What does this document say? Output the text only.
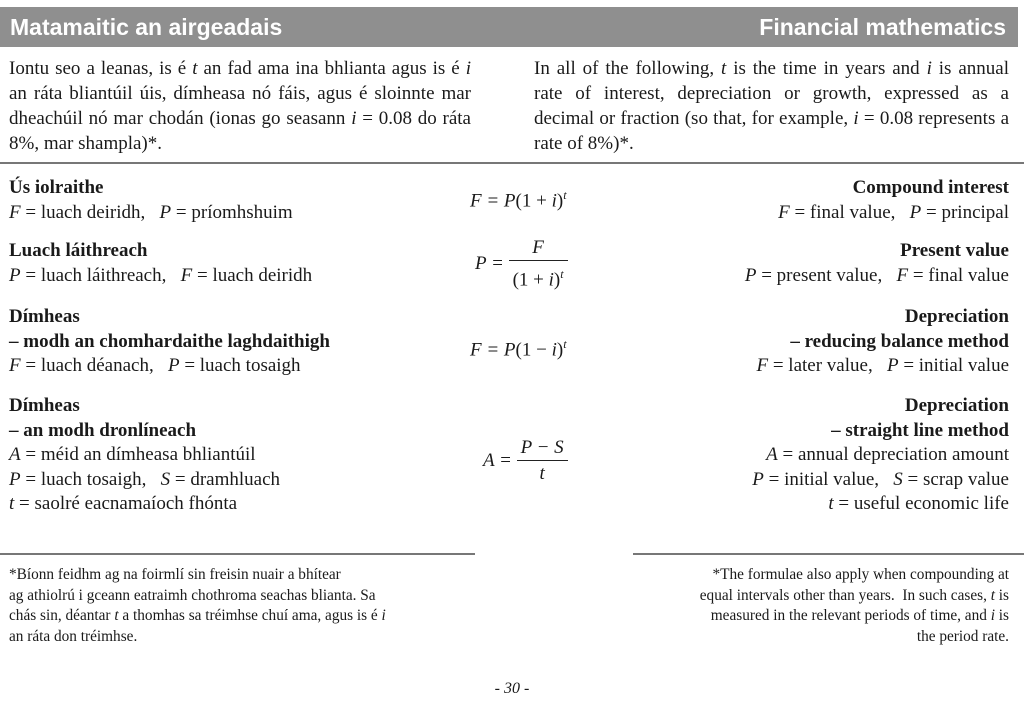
Matamaitic an airgeadais	Financial mathematics
Iontu seo a leanas, is é t an fad ama ina bhlianta agus is é i an ráta bliantúil úis, dímheasa nó fáis, agus é sloinnte mar dheachúil nó mar chodán (ionas go seasann i = 0.08 do ráta 8%, mar shampla)*.
In all of the following, t is the time in years and i is annual rate of interest, depreciation or growth, expressed as a decimal or fraction (so that, for example, i = 0.08 represents a rate of 8%)*.
Ús iolraithe
F = luach deiridh,   P = príomhshuim
$F = P(1 + i)^t$	Compound interest
F = final value,   P = principal
Luach láithreach
P = luach láithreach,   F = luach deiridh
$P = \frac{F}{(1 + i)^t}$	Present value
P = present value,   F = final value
Dímheas
– modh an chomhardaithe laghdaithigh
F = luach déanach,   P = luach tosaigh
$F = P(1 - i)^t$
Depreciation
– reducing balance method
F = later value,   P = initial value
Dímheas
– an modh dronlíneach
A = méid an dímheasa bhliantúil
P = luach tosaigh,   S = dramhluach
t = saolré eacnamaíoch fhónta
$A = \frac{P - S}{t}$
Depreciation
– straight line method
A = annual depreciation amount
P = initial value,   S = scrap value
t = useful economic life
*Bíonn feidhm ag na foirmlí sin freisin nuair a bhítear
ag athiolrú i gceann eatraimh chothroma seachas blianta. Sa
chás sin, déantar t a thomhas sa tréimhse chuí ama, agus is é i
an ráta don tréimhse.
*The formulae also apply when compounding at
equal intervals other than years.  In such cases, t is
measured in the relevant periods of time, and i is
the period rate.
- 30 -
